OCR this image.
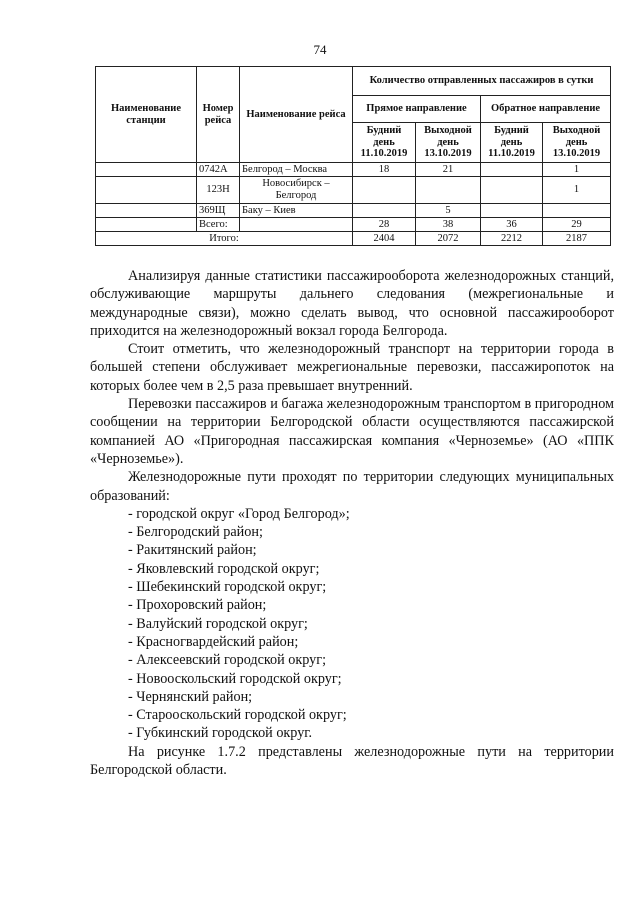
74
Наименование станции	Номер рейса	Наименование рейса	Количество отправленных пассажиров в сутки			
			Прямое направление		Обратное направление	
			Будний день 11.10.2019	Выходной день 13.10.2019	Будний день 11.10.2019	Выходной день 13.10.2019
	0742А	Белгород – Москва	18	21		1
	123Н	Новосибирск – Белгород				1
	369Щ	Баку – Киев		5		
	Всего:		28	38	36	29
Итого:			2404	2072	2212	2187

Анализируя данные статистики пассажирооборота железнодорожных станций, обслуживающие маршруты дальнего следования (межрегиональные и международные связи), можно сделать вывод, что основной пассажирооборот приходится на железнодорожный вокзал города Белгорода.

Стоит отметить, что железнодорожный транспорт на территории города в большей степени обслуживает межрегиональные перевозки, пассажиропоток на которых более чем в 2,5 раза превышает внутренний.

Перевозки пассажиров и багажа железнодорожным транспортом в пригородном сообщении на территории Белгородской области осуществляются пассажирской компанией АО «Пригородная пассажирская компания «Черноземье» (АО «ППК «Черноземье»).

Железнодорожные пути проходят по территории следующих муниципальных образований:

- городской округ «Город Белгород»;
- Белгородский район;
- Ракитянский район;
- Яковлевский городской округ;
- Шебекинский городской округ;
- Прохоровский район;
- Валуйский городской округ;
- Красногвардейский район;
- Алексеевский городской округ;
- Новооскольский городской округ;
- Чернянский район;
- Старооскольский городской округ;
- Губкинский городской округ.

На рисунке 1.7.2 представлены железнодорожные пути на территории Белгородской области.
